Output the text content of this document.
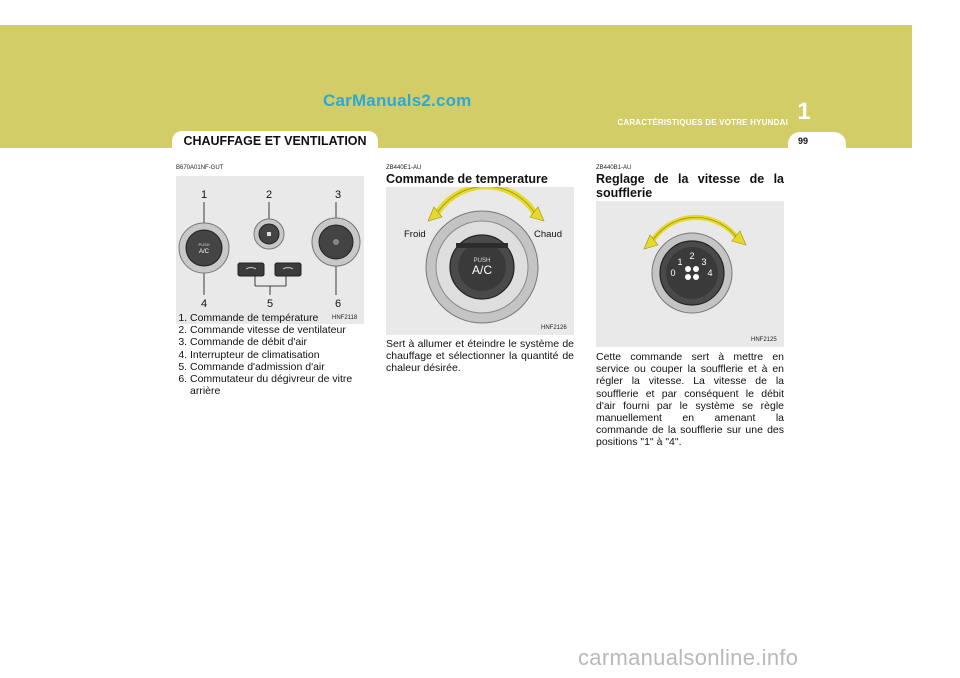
CarManuals2.com	1
CARACTÉRISTIQUES DE VOTRE HYUNDAI
99
CHAUFFAGE ET VENTILATION
B670A01NF-GUT
PUSH
A/C
1	2	3
4	5	6
HNF2118
1. Commande de température
2. Commande vitesse de ventilateur
3. Commande de débit d'air
4. Interrupteur de climatisation
5. Commande d'admission d'air
6. Commutateur du dégivreur de vitre arrière
ZB440E1-AU
Commande de temperature
PUSH
A/C
Froid	Chaud
HNF2126
Sert à allumer et éteindre le système de chauffage et sélectionner la quantité de chaleur désirée.
ZB440B1-AU
Reglage de la vitesse de la soufflerie
0
1
2
3
4
HNF2125
Cette commande sert à mettre en service ou couper la soufflerie et à en régler la vitesse. La vitesse de la soufflerie et par conséquent le débit d'air fourni par le système se règle manuellement en amenant la commande de la soufflerie sur une des positions "1" à "4".
carmanualsonline.info
